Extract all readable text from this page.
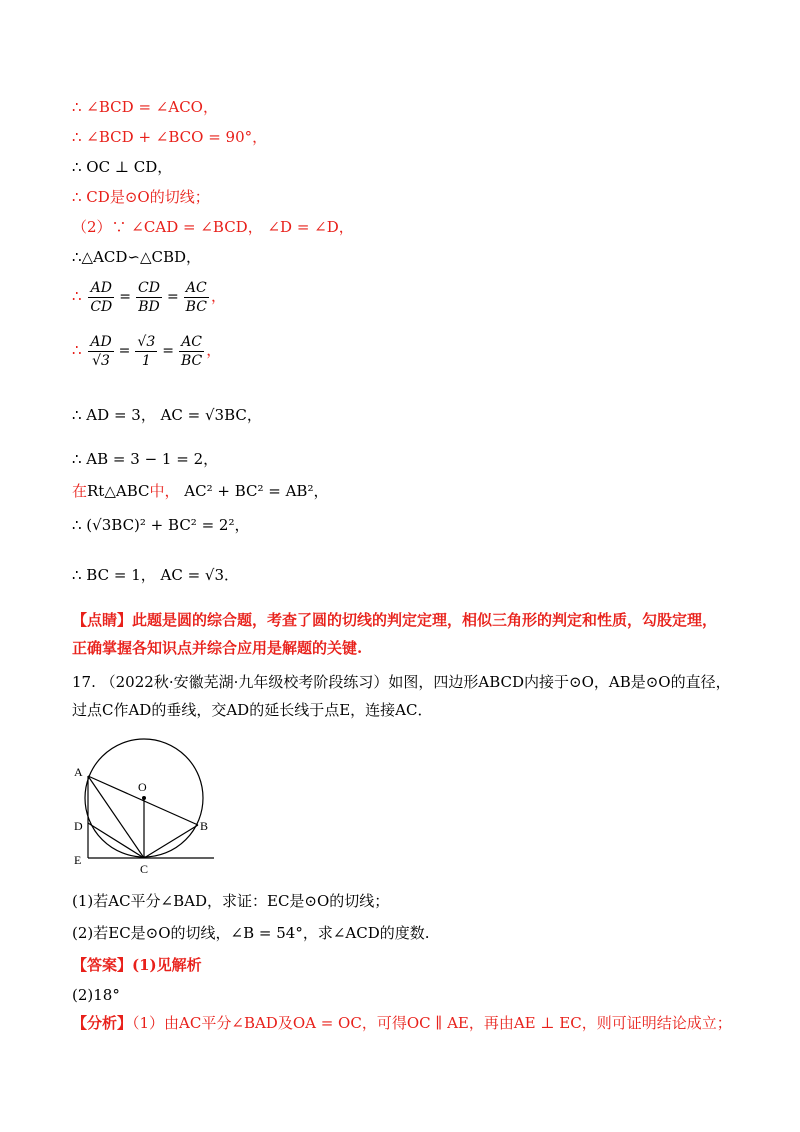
∴ ∠BCD = ∠ACO，
∴ ∠BCD + ∠BCO = 90°，
∴ OC ⊥ CD，
∴ CD是⊙O的切线；
（2）∵ ∠CAD = ∠BCD， ∠D = ∠D，
∴△ACD∽△CBD，
∴ $\frac{AD}{CD} = \frac{CD}{BD} = \frac{AC}{BC}$ ，
∴ $\frac{AD}{√3} = \frac{√3}{1} = \frac{AC}{BC}$ ，
∴ AD = 3， AC = √3BC，
∴ AB = 3 − 1 = 2，
在Rt△ABC中， AC² + BC² = AB²，
∴ (√3BC)² + BC² = 2²，
∴ BC = 1， AC = √3．
【点睛】此题是圆的综合题，考查了圆的切线的判定定理，相似三角形的判定和性质，勾股定理，正确掌握各知识点并综合应用是解题的关键.
17. （2022秋·安徽芜湖·九年级校考阶段练习）如图，四边形ABCD内接于⊙O，AB是⊙O的直径，过点C作AD的垂线，交AD的延长线于点E，连接AC．
A
O
B
D
E
C
(1)若AC平分∠BAD，求证：EC是⊙O的切线；
(2)若EC是⊙O的切线，∠B = 54°，求∠ACD的度数.
【答案】(1)见解析
(2)18°
【分析】（1）由AC平分∠BAD及OA = OC，可得OC ∥ AE，再由AE ⊥ EC，则可证明结论成立；
